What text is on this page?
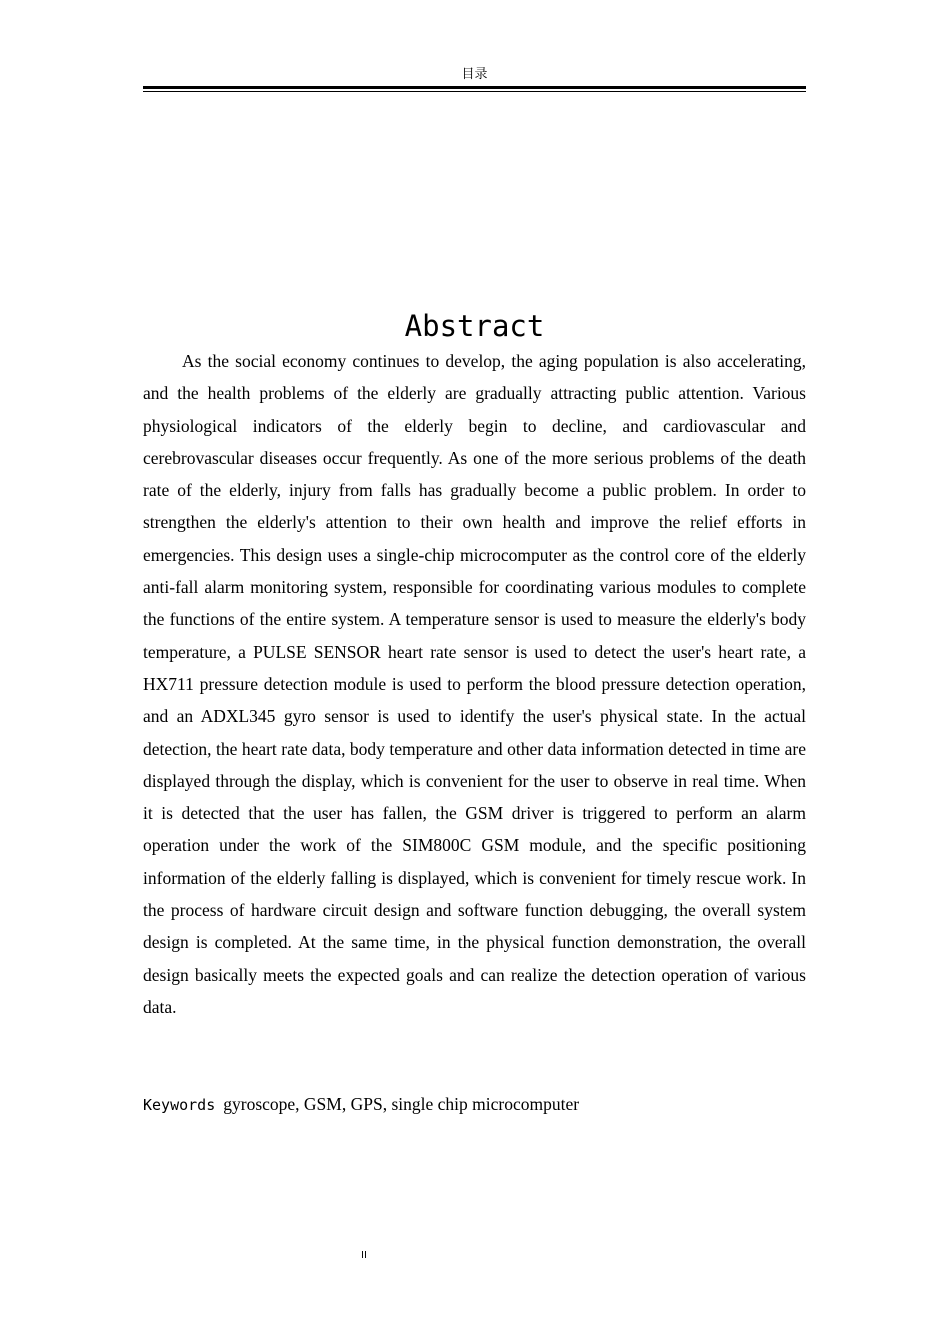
目录
Abstract

As the social economy continues to develop, the aging population is also accelerating, and the health problems of the elderly are gradually attracting public attention. Various physiological indicators of the elderly begin to decline, and cardiovascular and cerebrovascular diseases occur frequently. As one of the more serious problems of the death rate of the elderly, injury from falls has gradually become a public problem. In order to strengthen the elderly's attention to their own health and improve the relief efforts in emergencies. This design uses a single-chip microcomputer as the control core of the elderly anti-fall alarm monitoring system, responsible for coordinating various modules to complete the functions of the entire system. A temperature sensor is used to measure the elderly's body temperature, a PULSE SENSOR heart rate sensor is used to detect the user's heart rate, a HX711 pressure detection module is used to perform the blood pressure detection operation, and an ADXL345 gyro sensor is used to identify the user's physical state. In the actual detection, the heart rate data, body temperature and other data information detected in time are displayed through the display, which is convenient for the user to observe in real time. When it is detected that the user has fallen, the GSM driver is triggered to perform an alarm operation under the work of the SIM800C GSM module, and the specific positioning information of the elderly falling is displayed, which is convenient for timely rescue work. In the process of hardware circuit design and software function debugging, the overall system design is completed. At the same time, in the physical function demonstration, the overall design basically meets the expected goals and can realize the detection operation of various data.

Keywords gyroscope, GSM, GPS, single chip microcomputer
II
